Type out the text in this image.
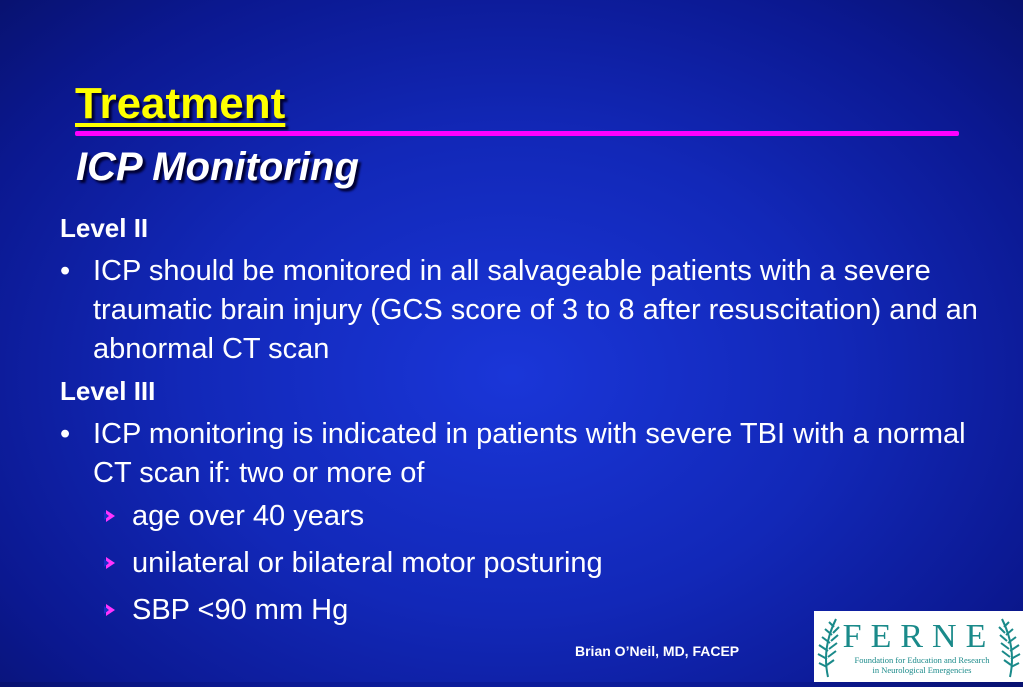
Treatment
ICP Monitoring

Level II

• ICP should be monitored in all salvageable patients with a severe traumatic brain injury (GCS score of 3 to 8 after resuscitation) and an abnormal CT scan

Level III

• ICP monitoring is indicated in patients with severe TBI with a normal CT scan if: two or more of
age over 40 years
unilateral or bilateral motor posturing
SBP <90 mm Hg
Brian O’Neil, MD, FACEP	FERNE
Foundation for Education and Research
in Neurological Emergencies
